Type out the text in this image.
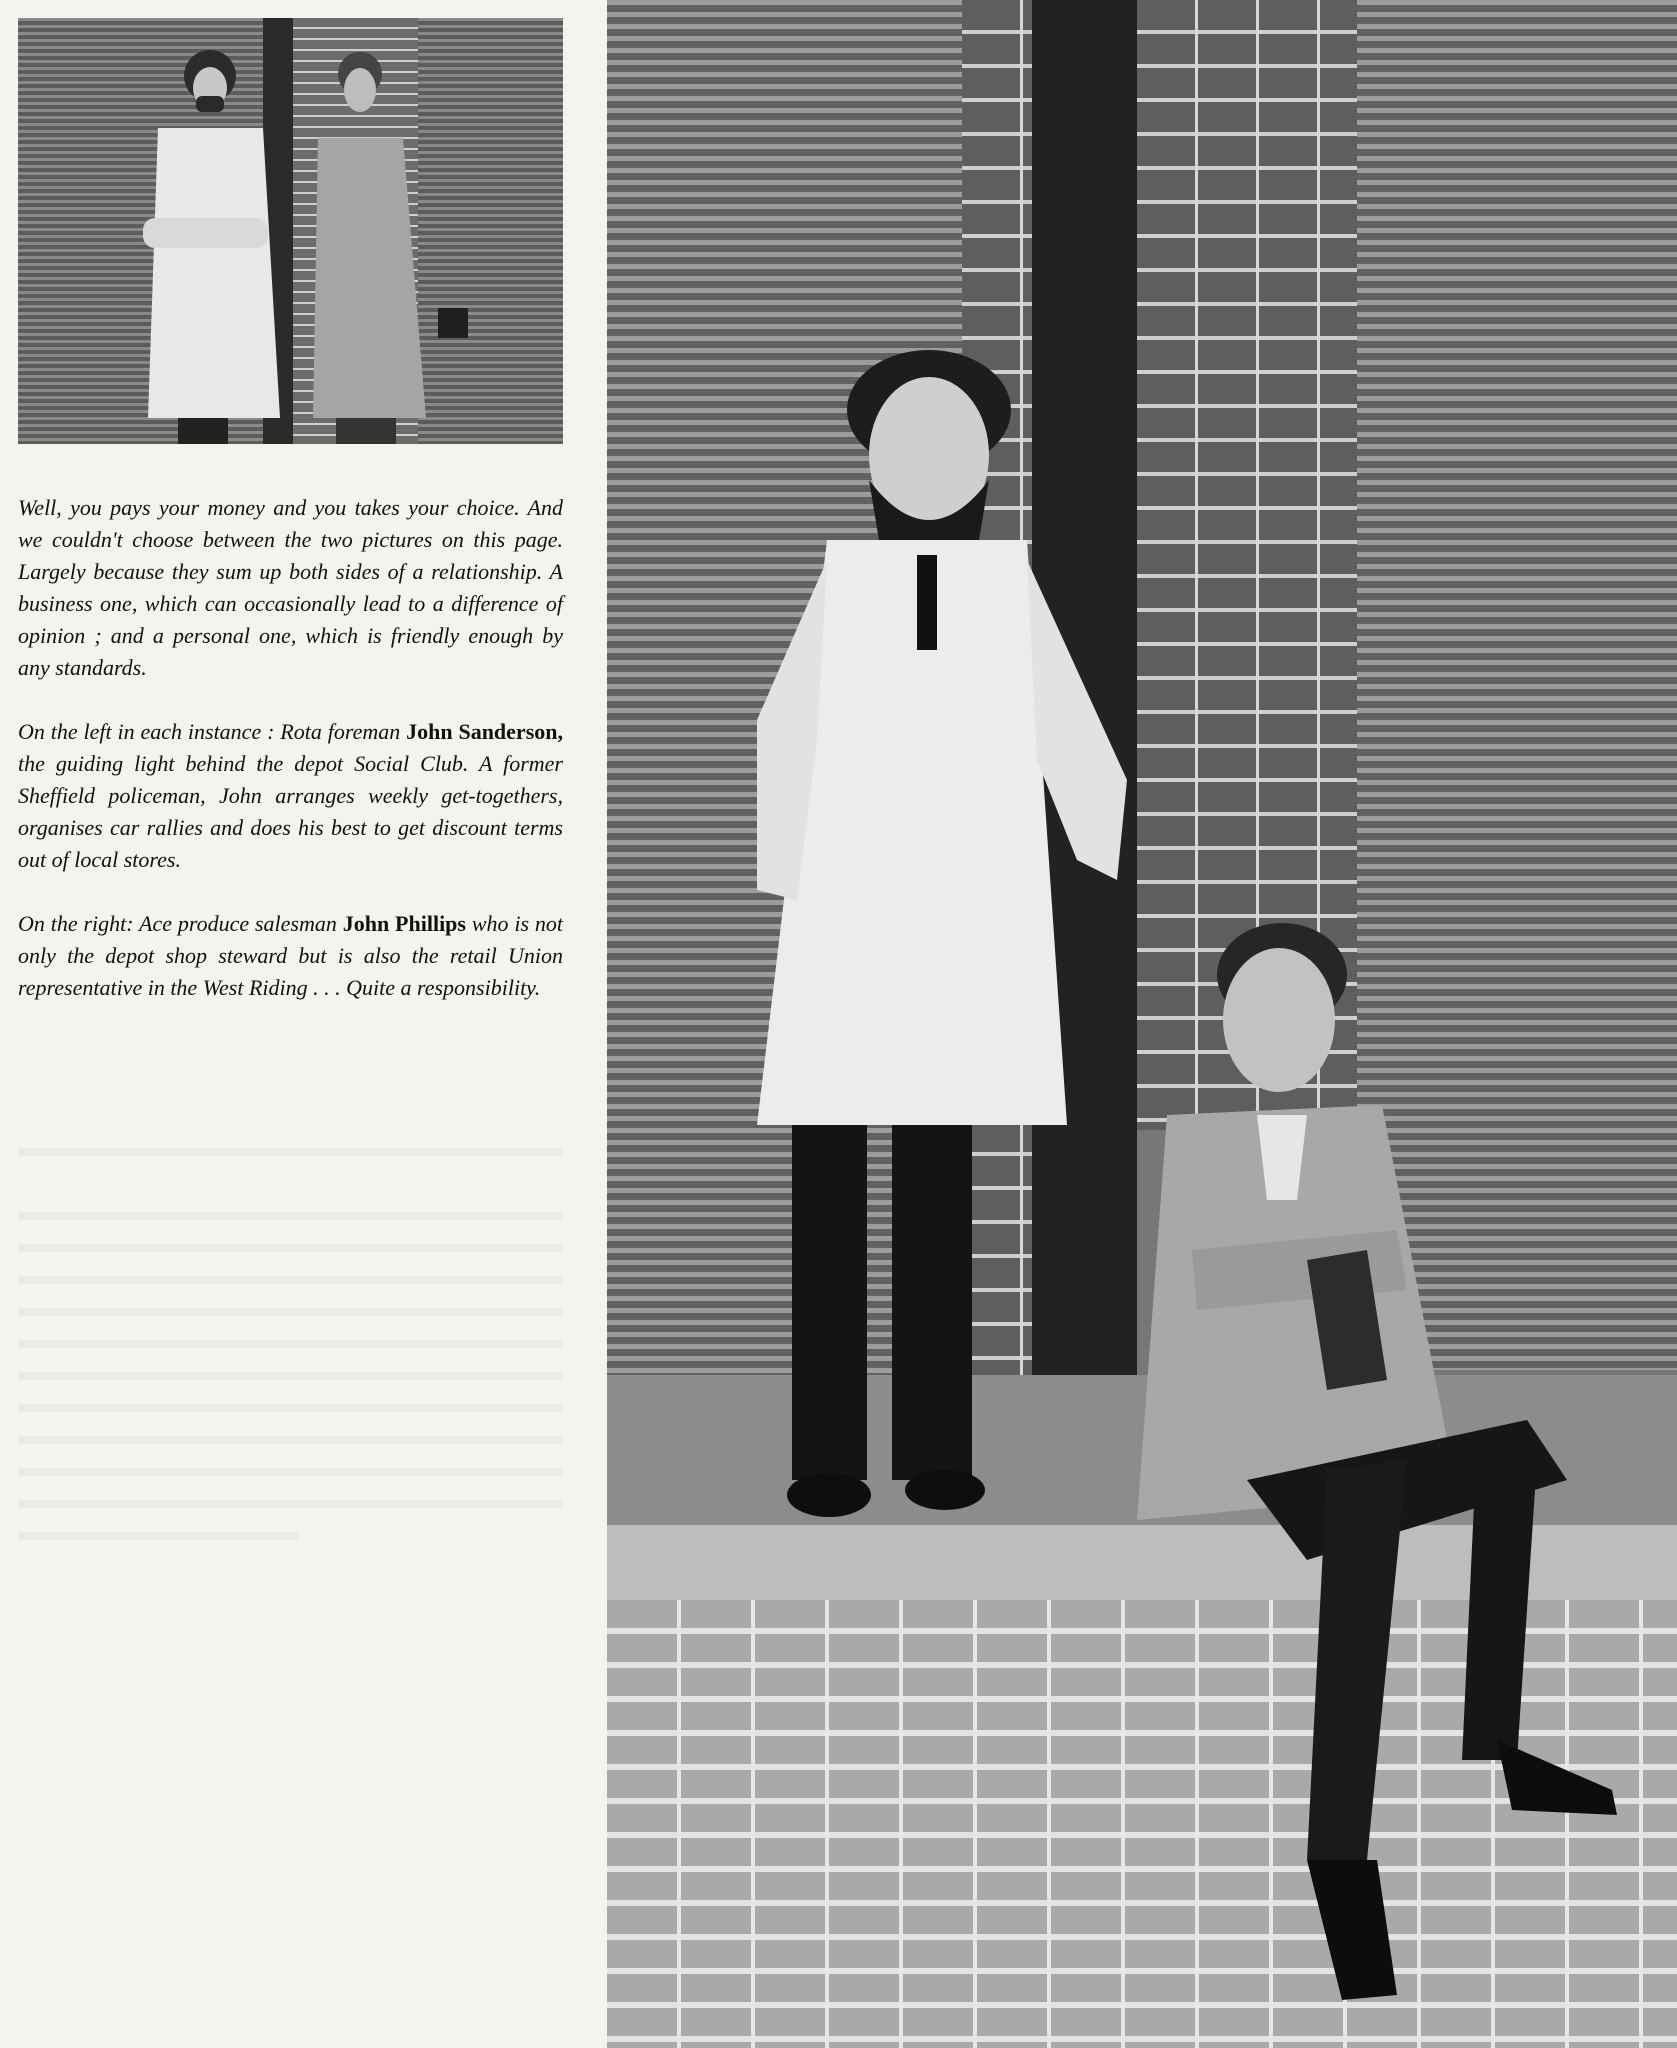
Well, you pays your money and you takes your choice. And we couldn't choose between the two pictures on this page. Largely because they sum up both sides of a relationship. A business one, which can occasionally lead to a difference of opinion ; and a personal one, which is friendly enough by any standards.

On the left in each instance : Rota foreman John Sanderson, the guiding light behind the depot Social Club. A former Sheffield policeman, John arranges weekly get-togethers, organises car rallies and does his best to get discount terms out of local stores.

On the right: Ace produce salesman John Phillips who is not only the depot shop steward but is also the retail Union representative in the West Riding . . . Quite a responsibility.
